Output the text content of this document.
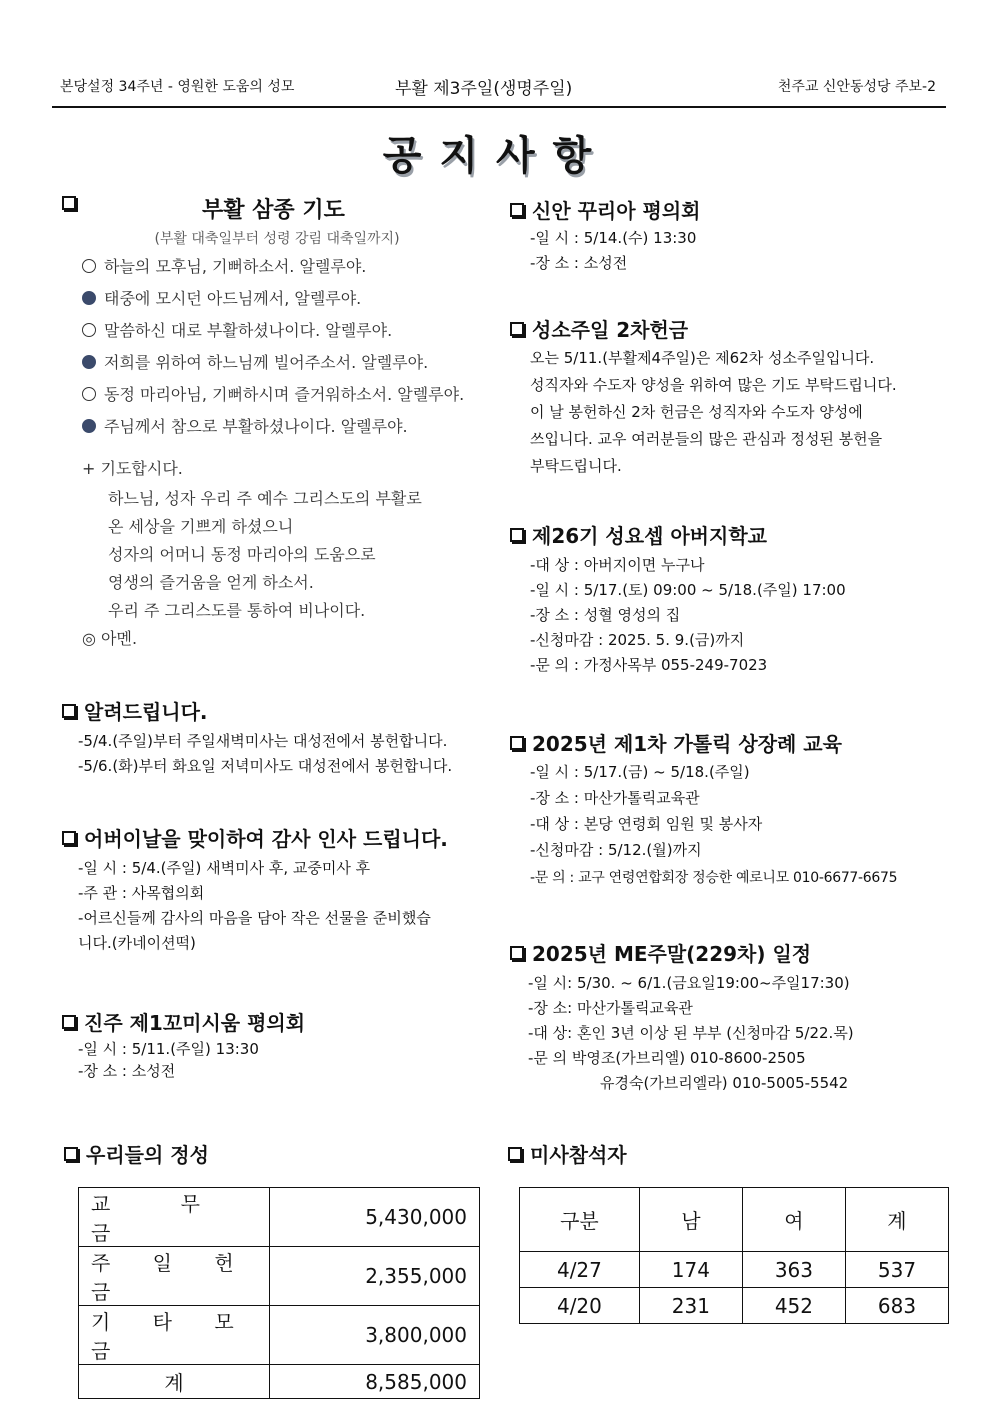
본당설정 34주년 - 영원한 도움의 성모	부활 제3주일(생명주일)	천주교 신안동성당 주보-2
공지사항
부활 삼종 기도
(부활 대축일부터 성령 강림 대축일까지)
하늘의 모후님, 기뻐하소서. 알렐루야.
태중에 모시던 아드님께서, 알렐루야.
말씀하신 대로 부활하셨나이다. 알렐루야.
저희를 위하여 하느님께 빌어주소서. 알렐루야.
동정 마리아님, 기뻐하시며 즐거워하소서. 알렐루야.
주님께서 참으로 부활하셨나이다. 알렐루야.
+ 기도합시다.
하느님, 성자 우리 주 예수 그리스도의 부활로
온 세상을 기쁘게 하셨으니
성자의 어머니 동정 마리아의 도움으로
영생의 즐거움을 얻게 하소서.
우리 주 그리스도를 통하여 비나이다.
◎ 아멘.
알려드립니다.
-5/4.(주일)부터 주일새벽미사는 대성전에서 봉헌합니다.
-5/6.(화)부터 화요일 저녁미사도 대성전에서 봉헌합니다.
어버이날을 맞이하여 감사 인사 드립니다.
-일 시 : 5/4.(주일) 새벽미사 후, 교중미사 후
-주 관 : 사목협의회
-어르신들께 감사의 마음을 담아 작은 선물을 준비했습
니다.(카네이션떡)
진주 제1꼬미시움 평의회
-일 시 : 5/11.(주일) 13:30
-장 소 : 소성전
신안 꾸리아 평의회
-일 시 : 5/14.(수) 13:30
-장 소 : 소성전
성소주일 2차헌금
오는 5/11.(부활제4주일)은 제62차 성소주일입니다.
성직자와 수도자 양성을 위하여 많은 기도 부탁드립니다.
이 날 봉헌하신 2차 헌금은 성직자와 수도자 양성에
쓰입니다. 교우 여러분들의 많은 관심과 정성된 봉헌을
부탁드립니다.
제26기 성요셉 아버지학교
-대 상 : 아버지이면 누구나
-일 시 : 5/17.(토) 09:00 ~ 5/18.(주일) 17:00
-장 소 : 성혈 영성의 집
-신청마감 : 2025. 5. 9.(금)까지
-문 의 : 가정사목부 055-249-7023
2025년 제1차 가톨릭 상장례 교육
-일 시 : 5/17.(금) ~ 5/18.(주일)
-장 소 : 마산가톨릭교육관
-대 상 : 본당 연령회 임원 및 봉사자
-신청마감 : 5/12.(월)까지
-문 의 : 교구 연령연합회장 정승한 예로니모 010-6677-6675
2025년 ME주말(229차) 일정
-일 시: 5/30. ~ 6/1.(금요일19:00~주일17:30)
-장 소: 마산가톨릭교육관
-대 상: 혼인 3년 이상 된 부부 (신청마감 5/22.목)
-문 의 박영조(가브리엘) 010-8600-2505
유경숙(가브리엘라) 010-5005-5542
우리들의 정성
교 무 금	5,430,000
주 일 헌 금	2,355,000
기 타 모 금	3,800,000
계	8,585,000
미사참석자
구분	남	여	계
4/27	174	363	537
4/20	231	452	683
